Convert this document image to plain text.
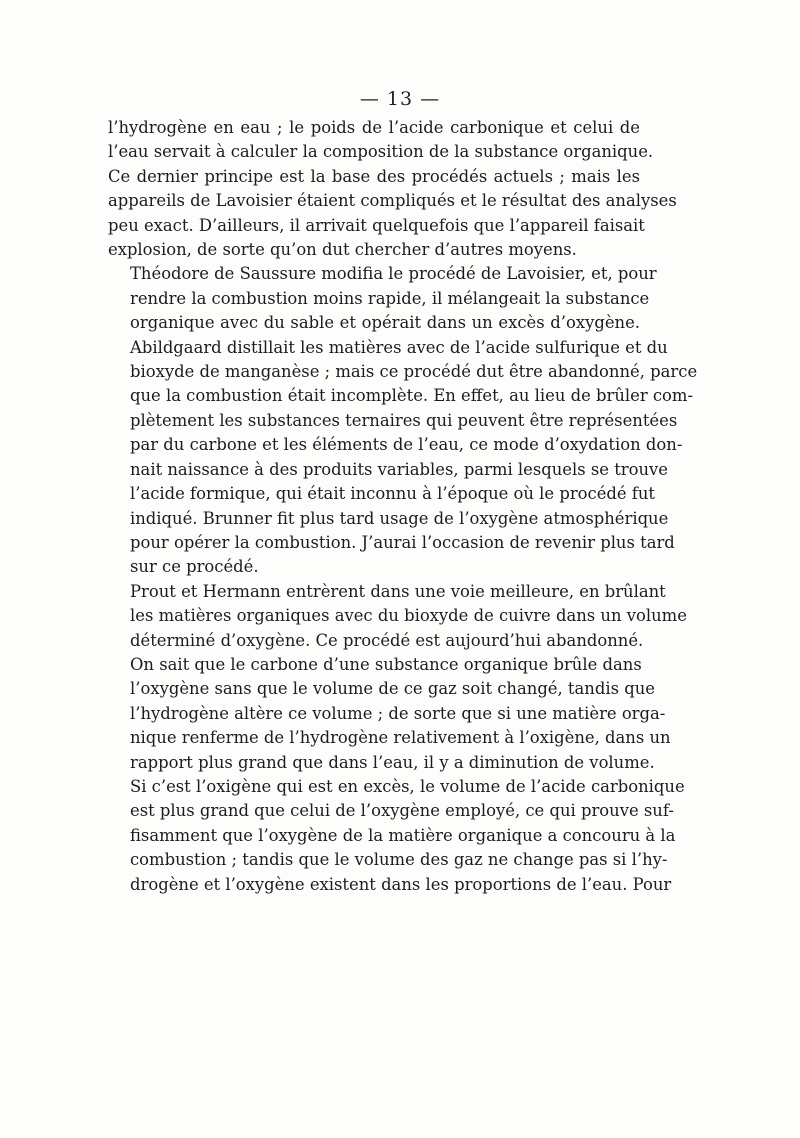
— 13 —

l’hydrogène en eau ; le poids de l’acide carbonique et celui de
l’eau servait à calculer la composition de la substance organique.
Ce dernier principe est la base des procédés actuels ; mais les
appareils de Lavoisier étaient compliqués et le résultat des analyses
peu exact. D’ailleurs, il arrivait quelquefois que l’appareil faisait
explosion, de sorte qu’on dut chercher d’autres moyens.

Théodore de Saussure modifia le procédé de Lavoisier, et, pour
rendre la combustion moins rapide, il mélangeait la substance
organique avec du sable et opérait dans un excès d’oxygène.
Abildgaard distillait les matières avec de l’acide sulfurique et du
bioxyde de manganèse ; mais ce procédé dut être abandonné, parce
que la combustion était incomplète. En effet, au lieu de brûler com-
plètement les substances ternaires qui peuvent être représentées
par du carbone et les éléments de l’eau, ce mode d’oxydation don-
nait naissance à des produits variables, parmi lesquels se trouve
l’acide formique, qui était inconnu à l’époque où le procédé fut
indiqué. Brunner fit plus tard usage de l’oxygène atmosphérique
pour opérer la combustion. J’aurai l’occasion de revenir plus tard
sur ce procédé.

Prout et Hermann entrèrent dans une voie meilleure, en brûlant
les matières organiques avec du bioxyde de cuivre dans un volume
déterminé d’oxygène. Ce procédé est aujourd’hui abandonné.

On sait que le carbone d’une substance organique brûle dans
l’oxygène sans que le volume de ce gaz soit changé, tandis que
l’hydrogène altère ce volume ; de sorte que si une matière orga-
nique renferme de l’hydrogène relativement à l’oxigène, dans un
rapport plus grand que dans l’eau, il y a diminution de volume.
Si c’est l’oxigène qui est en excès, le volume de l’acide carbonique
est plus grand que celui de l’oxygène employé, ce qui prouve suf-
fisamment que l’oxygène de la matière organique a concouru à la
combustion ; tandis que le volume des gaz ne change pas si l’hy-
drogène et l’oxygène existent dans les proportions de l’eau. Pour
